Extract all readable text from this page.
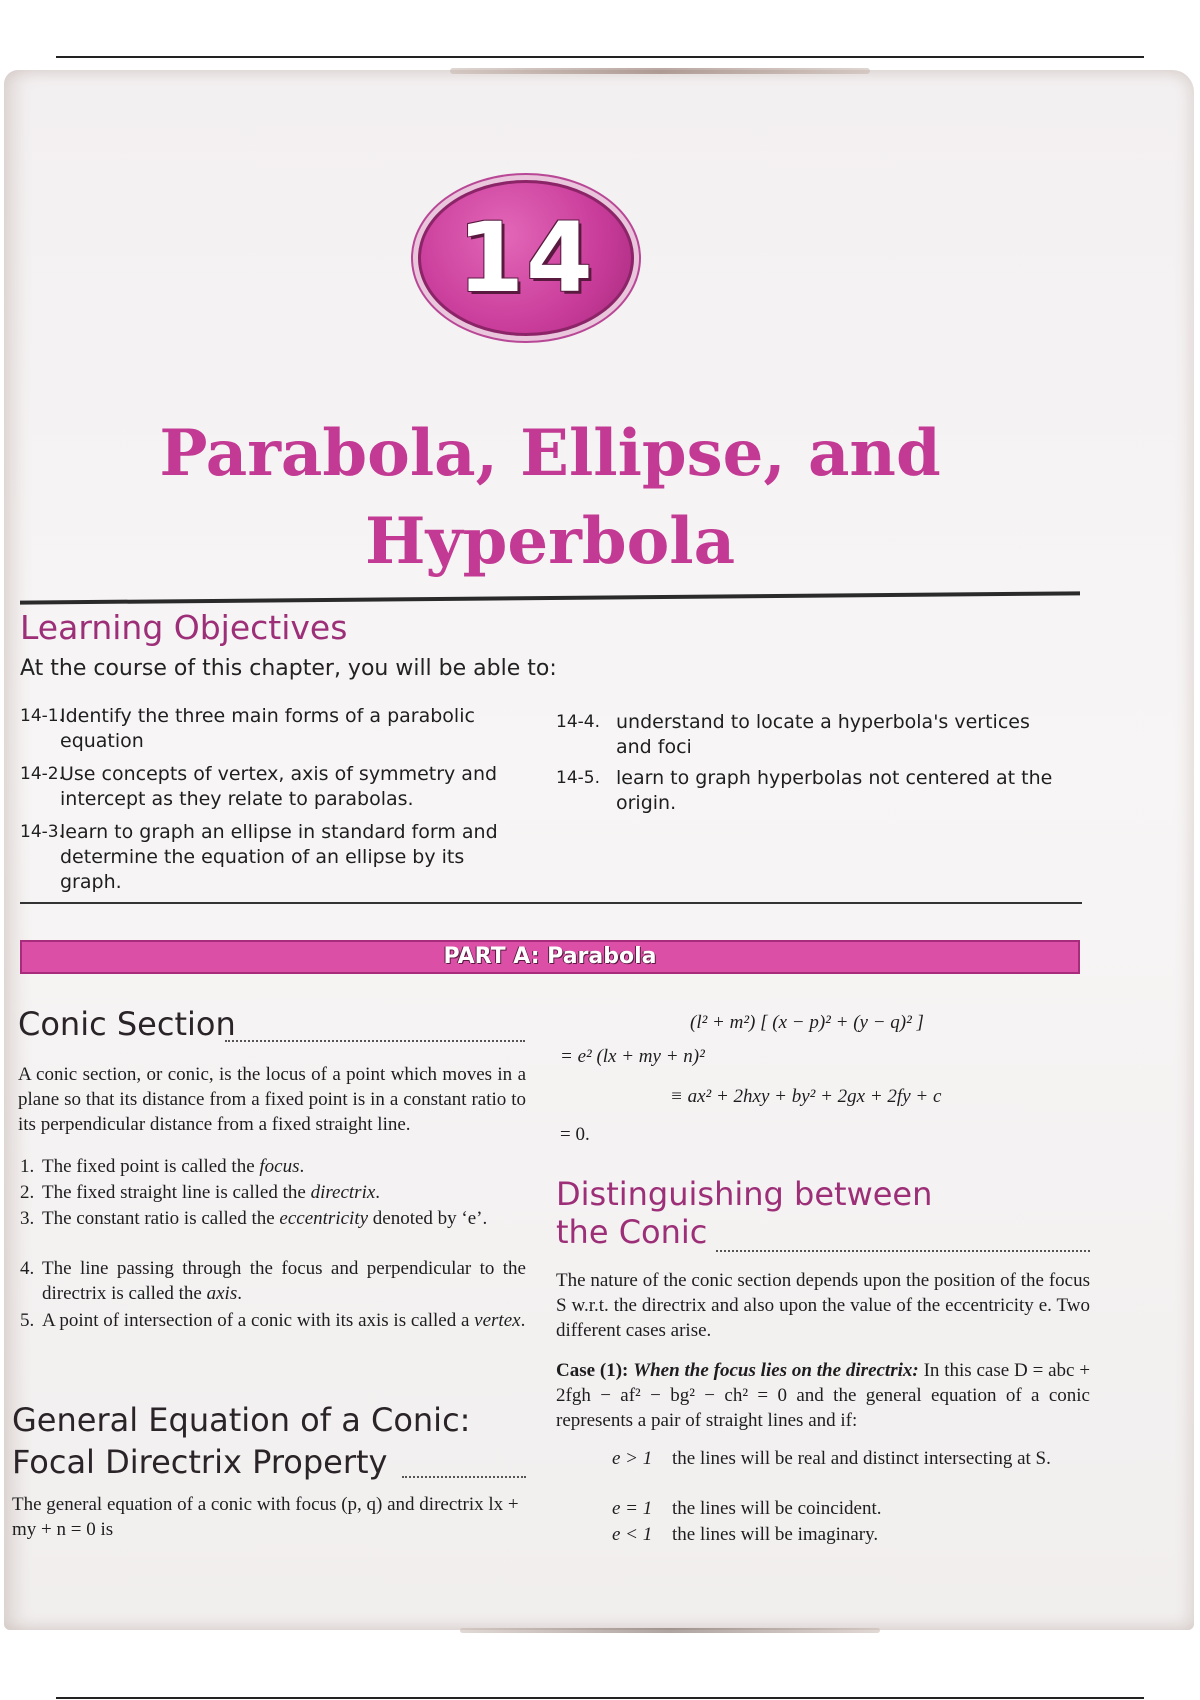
14
Parabola, Ellipse, and
Hyperbola
Learning Objectives
At the course of this chapter, you will be able to:
14-1.
Identify the three main forms of a parabolic equation
14-2.
Use concepts of vertex, axis of symmetry and intercept as they relate to parabolas.
14-3.
learn to graph an ellipse in standard form and determine the equation of an ellipse by its graph.
14-4. understand to locate a hyperbola's vertices and foci
14-5. learn to graph hyperbolas not centered at the origin.
PART A: Parabola
Conic Section
A conic section, or conic, is the locus of a point which moves in a plane so that its distance from a fixed point is in a constant ratio to its perpendicular distance from a fixed straight line.
1. The fixed point is called the focus.
2. The fixed straight line is called the directrix.
3. The constant ratio is called the eccentricity denoted by ‘e’.
4. The line passing through the focus and perpendicular to the directrix is called the axis.
5. A point of intersection of a conic with its axis is called a vertex.
General Equation of a Conic:
Focal Directrix Property
The general equation of a conic with focus (p, q) and directrix lx + my + n = 0 is
(l² + m²) [ (x − p)² + (y − q)² ]
= e² (lx + my + n)²
≡ ax² + 2hxy + by² + 2gx + 2fy + c
= 0.
Distinguishing between
the Conic
The nature of the conic section depends upon the position of the focus S w.r.t. the directrix and also upon the value of the eccentricity e. Two different cases arise.
Case (1): When the focus lies on the directrix: In this case D = abc + 2fgh − af² − bg² − ch² = 0 and the general equation of a conic represents a pair of straight lines and if:
e > 1	the lines will be real and distinct intersecting at S.
e = 1	the lines will be coincident.
e < 1	the lines will be imaginary.
